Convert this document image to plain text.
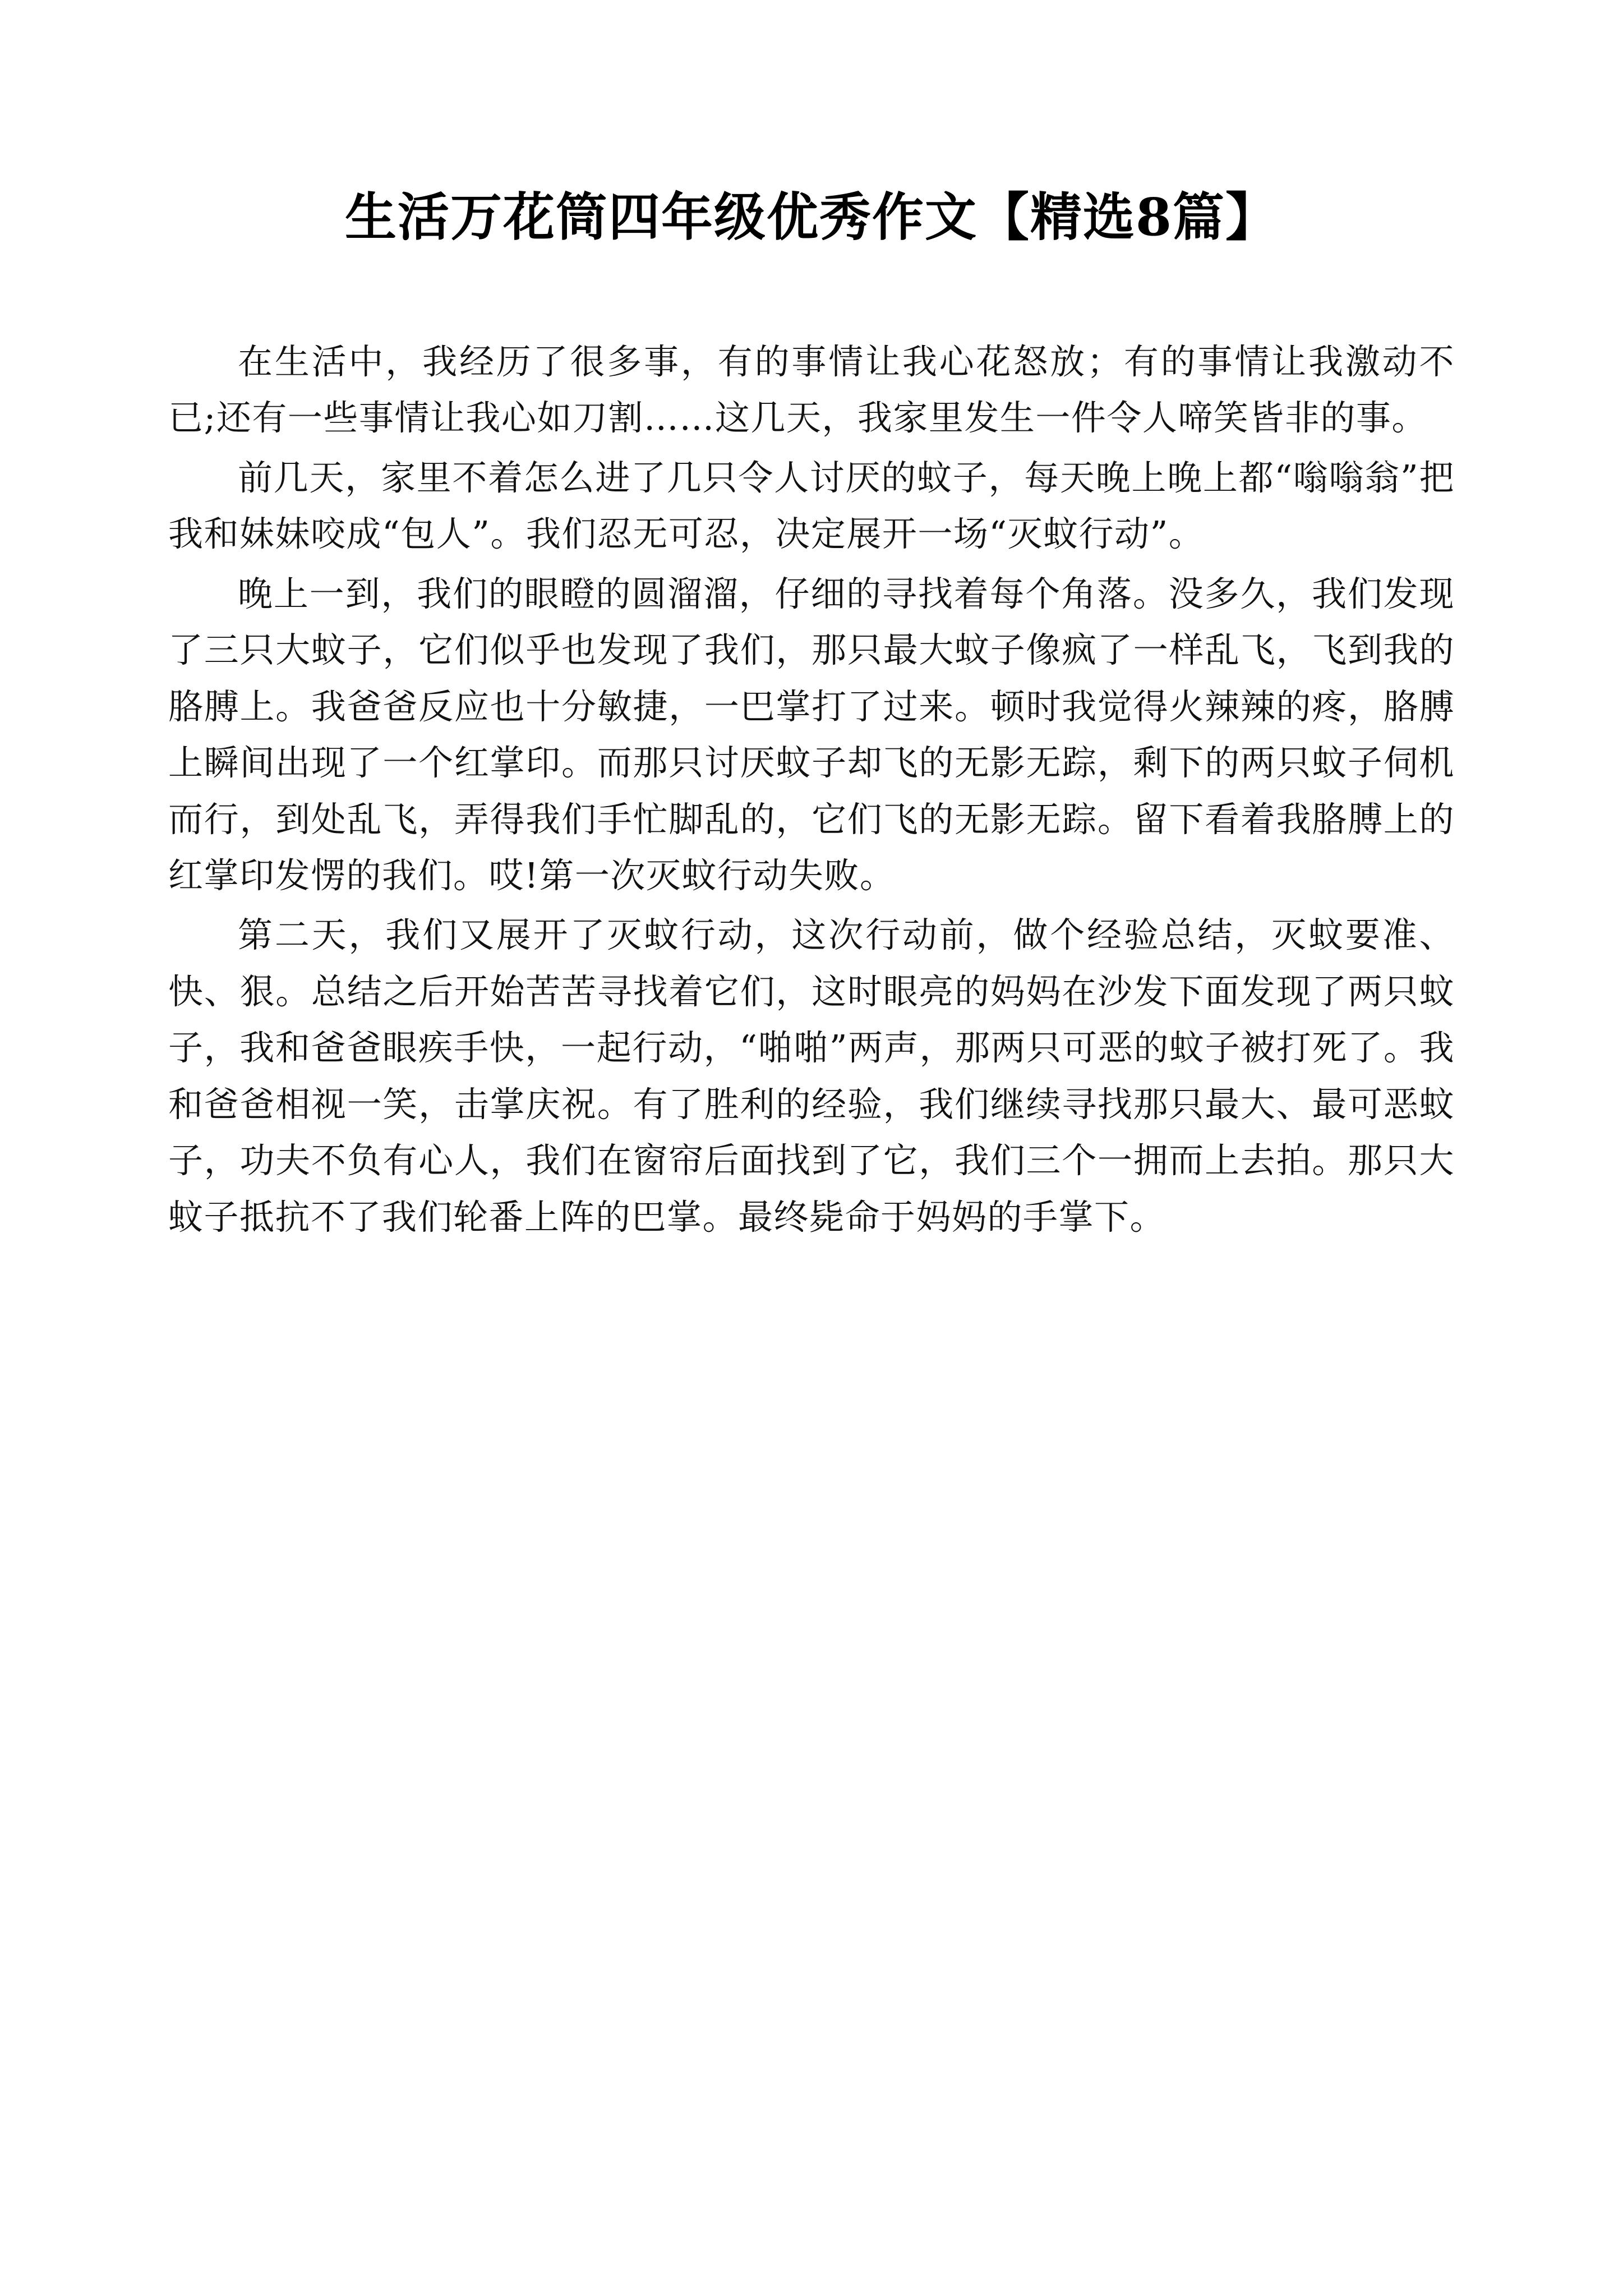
生活万花筒四年级优秀作文【精选8篇】

在生活中，我经历了很多事，有的事情让我心花怒放；有的事情让我激动不已;还有一些事情让我心如刀割……这几天，我家里发生一件令人啼笑皆非的事。

前几天，家里不着怎么进了几只令人讨厌的蚊子，每天晚上晚上都“嗡嗡翁”把我和妹妹咬成“包人”。我们忍无可忍，决定展开一场“灭蚊行动”。

晚上一到，我们的眼瞪的圆溜溜，仔细的寻找着每个角落。没多久，我们发现了三只大蚊子，它们似乎也发现了我们，那只最大蚊子像疯了一样乱飞，飞到我的胳膊上。我爸爸反应也十分敏捷，一巴掌打了过来。顿时我觉得火辣辣的疼，胳膊上瞬间出现了一个红掌印。而那只讨厌蚊子却飞的无影无踪，剩下的两只蚊子伺机而行，到处乱飞，弄得我们手忙脚乱的，它们飞的无影无踪。留下看着我胳膊上的红掌印发愣的我们。哎!第一次灭蚊行动失败。

第二天，我们又展开了灭蚊行动，这次行动前，做个经验总结，灭蚊要准、快、狠。总结之后开始苦苦寻找着它们，这时眼亮的妈妈在沙发下面发现了两只蚊子，我和爸爸眼疾手快，一起行动，“啪啪”两声，那两只可恶的蚊子被打死了。我和爸爸相视一笑，击掌庆祝。有了胜利的经验，我们继续寻找那只最大、最可恶蚊子，功夫不负有心人，我们在窗帘后面找到了它，我们三个一拥而上去拍。那只大蚊子抵抗不了我们轮番上阵的巴掌。最终毙命于妈妈的手掌下。
